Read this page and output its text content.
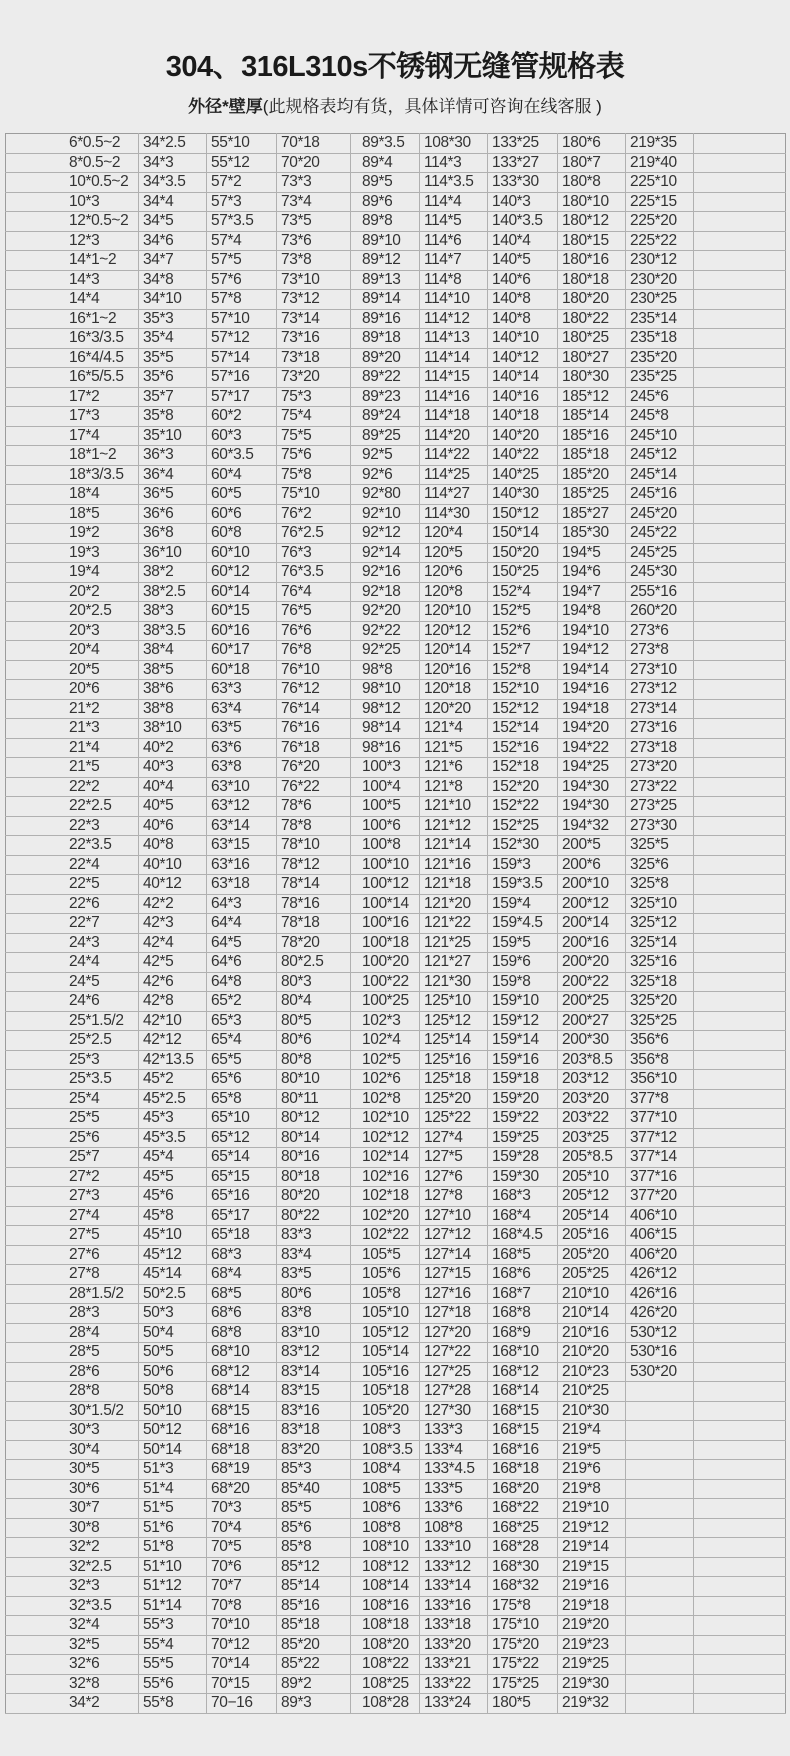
304、316L310s不锈钢无缝管规格表
外径*壁厚(此规格表均有货，具体详情可咨询在线客服 )
6*0.5~2	34*2.5	55*10	70*18	89*3.5	108*30	133*25	180*6	219*35	
8*0.5~2	34*3	55*12	70*20	89*4	114*3	133*27	180*7	219*40	
10*0.5~2	34*3.5	57*2	73*3	89*5	114*3.5	133*30	180*8	225*10	
10*3	34*4	57*3	73*4	89*6	114*4	140*3	180*10	225*15	
12*0.5~2	34*5	57*3.5	73*5	89*8	114*5	140*3.5	180*12	225*20	
12*3	34*6	57*4	73*6	89*10	114*6	140*4	180*15	225*22	
14*1~2	34*7	57*5	73*8	89*12	114*7	140*5	180*16	230*12	
14*3	34*8	57*6	73*10	89*13	114*8	140*6	180*18	230*20	
14*4	34*10	57*8	73*12	89*14	114*10	140*8	180*20	230*25	
16*1~2	35*3	57*10	73*14	89*16	114*12	140*8	180*22	235*14	
16*3/3.5	35*4	57*12	73*16	89*18	114*13	140*10	180*25	235*18	
16*4/4.5	35*5	57*14	73*18	89*20	114*14	140*12	180*27	235*20	
16*5/5.5	35*6	57*16	73*20	89*22	114*15	140*14	180*30	235*25	
17*2	35*7	57*17	75*3	89*23	114*16	140*16	185*12	245*6	
17*3	35*8	60*2	75*4	89*24	114*18	140*18	185*14	245*8	
17*4	35*10	60*3	75*5	89*25	114*20	140*20	185*16	245*10	
18*1~2	36*3	60*3.5	75*6	92*5	114*22	140*22	185*18	245*12	
18*3/3.5	36*4	60*4	75*8	92*6	114*25	140*25	185*20	245*14	
18*4	36*5	60*5	75*10	92*80	114*27	140*30	185*25	245*16	
18*5	36*6	60*6	76*2	92*10	114*30	150*12	185*27	245*20	
19*2	36*8	60*8	76*2.5	92*12	120*4	150*14	185*30	245*22	
19*3	36*10	60*10	76*3	92*14	120*5	150*20	194*5	245*25	
19*4	38*2	60*12	76*3.5	92*16	120*6	150*25	194*6	245*30	
20*2	38*2.5	60*14	76*4	92*18	120*8	152*4	194*7	255*16	
20*2.5	38*3	60*15	76*5	92*20	120*10	152*5	194*8	260*20	
20*3	38*3.5	60*16	76*6	92*22	120*12	152*6	194*10	273*6	
20*4	38*4	60*17	76*8	92*25	120*14	152*7	194*12	273*8	
20*5	38*5	60*18	76*10	98*8	120*16	152*8	194*14	273*10	
20*6	38*6	63*3	76*12	98*10	120*18	152*10	194*16	273*12	
21*2	38*8	63*4	76*14	98*12	120*20	152*12	194*18	273*14	
21*3	38*10	63*5	76*16	98*14	121*4	152*14	194*20	273*16	
21*4	40*2	63*6	76*18	98*16	121*5	152*16	194*22	273*18	
21*5	40*3	63*8	76*20	100*3	121*6	152*18	194*25	273*20	
22*2	40*4	63*10	76*22	100*4	121*8	152*20	194*30	273*22	
22*2.5	40*5	63*12	78*6	100*5	121*10	152*22	194*30	273*25	
22*3	40*6	63*14	78*8	100*6	121*12	152*25	194*32	273*30	
22*3.5	40*8	63*15	78*10	100*8	121*14	152*30	200*5	325*5	
22*4	40*10	63*16	78*12	100*10	121*16	159*3	200*6	325*6	
22*5	40*12	63*18	78*14	100*12	121*18	159*3.5	200*10	325*8	
22*6	42*2	64*3	78*16	100*14	121*20	159*4	200*12	325*10	
22*7	42*3	64*4	78*18	100*16	121*22	159*4.5	200*14	325*12	
24*3	42*4	64*5	78*20	100*18	121*25	159*5	200*16	325*14	
24*4	42*5	64*6	80*2.5	100*20	121*27	159*6	200*20	325*16	
24*5	42*6	64*8	80*3	100*22	121*30	159*8	200*22	325*18	
24*6	42*8	65*2	80*4	100*25	125*10	159*10	200*25	325*20	
25*1.5/2	42*10	65*3	80*5	102*3	125*12	159*12	200*27	325*25	
25*2.5	42*12	65*4	80*6	102*4	125*14	159*14	200*30	356*6	
25*3	42*13.5	65*5	80*8	102*5	125*16	159*16	203*8.5	356*8	
25*3.5	45*2	65*6	80*10	102*6	125*18	159*18	203*12	356*10	
25*4	45*2.5	65*8	80*11	102*8	125*20	159*20	203*20	377*8	
25*5	45*3	65*10	80*12	102*10	125*22	159*22	203*22	377*10	
25*6	45*3.5	65*12	80*14	102*12	127*4	159*25	203*25	377*12	
25*7	45*4	65*14	80*16	102*14	127*5	159*28	205*8.5	377*14	
27*2	45*5	65*15	80*18	102*16	127*6	159*30	205*10	377*16	
27*3	45*6	65*16	80*20	102*18	127*8	168*3	205*12	377*20	
27*4	45*8	65*17	80*22	102*20	127*10	168*4	205*14	406*10	
27*5	45*10	65*18	83*3	102*22	127*12	168*4.5	205*16	406*15	
27*6	45*12	68*3	83*4	105*5	127*14	168*5	205*20	406*20	
27*8	45*14	68*4	83*5	105*6	127*15	168*6	205*25	426*12	
28*1.5/2	50*2.5	68*5	80*6	105*8	127*16	168*7	210*10	426*16	
28*3	50*3	68*6	83*8	105*10	127*18	168*8	210*14	426*20	
28*4	50*4	68*8	83*10	105*12	127*20	168*9	210*16	530*12	
28*5	50*5	68*10	83*12	105*14	127*22	168*10	210*20	530*16	
28*6	50*6	68*12	83*14	105*16	127*25	168*12	210*23	530*20	
28*8	50*8	68*14	83*15	105*18	127*28	168*14	210*25		
30*1.5/2	50*10	68*15	83*16	105*20	127*30	168*15	210*30		
30*3	50*12	68*16	83*18	108*3	133*3	168*15	219*4		
30*4	50*14	68*18	83*20	108*3.5	133*4	168*16	219*5		
30*5	51*3	68*19	85*3	108*4	133*4.5	168*18	219*6		
30*6	51*4	68*20	85*40	108*5	133*5	168*20	219*8		
30*7	51*5	70*3	85*5	108*6	133*6	168*22	219*10		
30*8	51*6	70*4	85*6	108*8	108*8	168*25	219*12		
32*2	51*8	70*5	85*8	108*10	133*10	168*28	219*14		
32*2.5	51*10	70*6	85*12	108*12	133*12	168*30	219*15		
32*3	51*12	70*7	85*14	108*14	133*14	168*32	219*16		
32*3.5	51*14	70*8	85*16	108*16	133*16	175*8	219*18		
32*4	55*3	70*10	85*18	108*18	133*18	175*10	219*20		
32*5	55*4	70*12	85*20	108*20	133*20	175*20	219*23		
32*6	55*5	70*14	85*22	108*22	133*21	175*22	219*25		
32*8	55*6	70*15	89*2	108*25	133*22	175*25	219*30		
34*2	55*8	70−16	89*3	108*28	133*24	180*5	219*32		
